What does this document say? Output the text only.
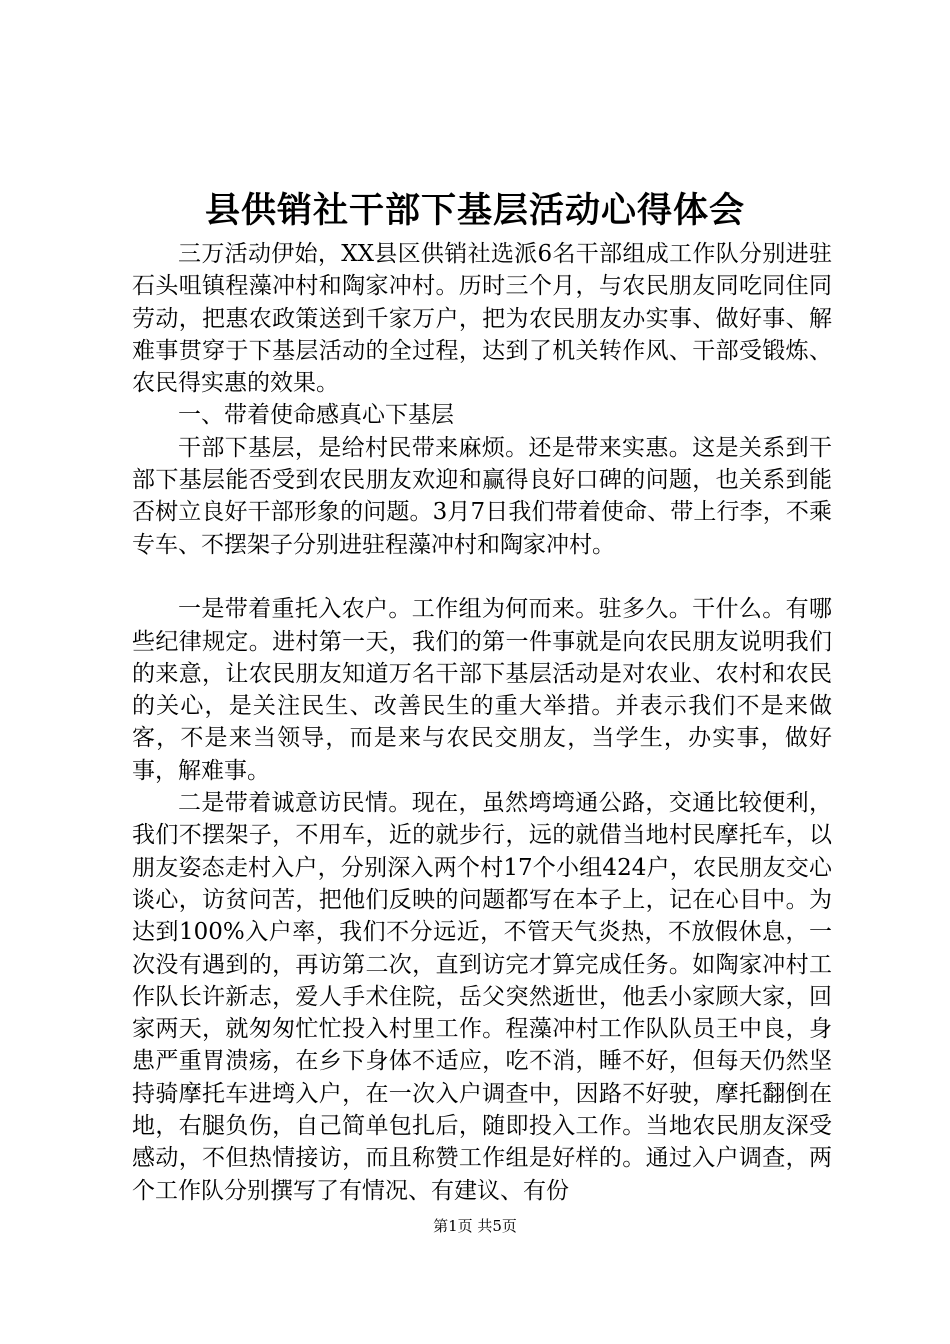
县供销社干部下基层活动心得体会

三万活动伊始，XX县区供销社选派6名干部组成工作队分别进驻石头咀镇程藻冲村和陶家冲村。历时三个月，与农民朋友同吃同住同劳动，把惠农政策送到千家万户，把为农民朋友办实事、做好事、解难事贯穿于下基层活动的全过程，达到了机关转作风、干部受锻炼、农民得实惠的效果。

一、带着使命感真心下基层

干部下基层，是给村民带来麻烦。还是带来实惠。这是关系到干部下基层能否受到农民朋友欢迎和赢得良好口碑的问题，也关系到能否树立良好干部形象的问题。3月7日我们带着使命、带上行李，不乘专车、不摆架子分别进驻程藻冲村和陶家冲村。

一是带着重托入农户。工作组为何而来。驻多久。干什么。有哪些纪律规定。进村第一天，我们的第一件事就是向农民朋友说明我们的来意，让农民朋友知道万名干部下基层活动是对农业、农村和农民的关心，是关注民生、改善民生的重大举措。并表示我们不是来做客，不是来当领导，而是来与农民交朋友，当学生，办实事，做好事，解难事。

二是带着诚意访民情。现在，虽然塆塆通公路，交通比较便利，我们不摆架子，不用车，近的就步行，远的就借当地村民摩托车，以朋友姿态走村入户，分别深入两个村17个小组424户，农民朋友交心谈心，访贫问苦，把他们反映的问题都写在本子上，记在心目中。为达到100%入户率，我们不分远近，不管天气炎热，不放假休息，一次没有遇到的，再访第二次，直到访完才算完成任务。如陶家冲村工作队长许新志，爱人手术住院，岳父突然逝世，他丢小家顾大家，回家两天，就匆匆忙忙投入村里工作。程藻冲村工作队队员王中良，身患严重胃溃疡，在乡下身体不适应，吃不消，睡不好，但每天仍然坚持骑摩托车进塆入户，在一次入户调查中，因路不好驶，摩托翻倒在地，右腿负伤，自己简单包扎后，随即投入工作。当地农民朋友深受感动，不但热情接访，而且称赞工作组是好样的。通过入户调查，两个工作队分别撰写了有情况、有建议、有份

第1页 共5页
